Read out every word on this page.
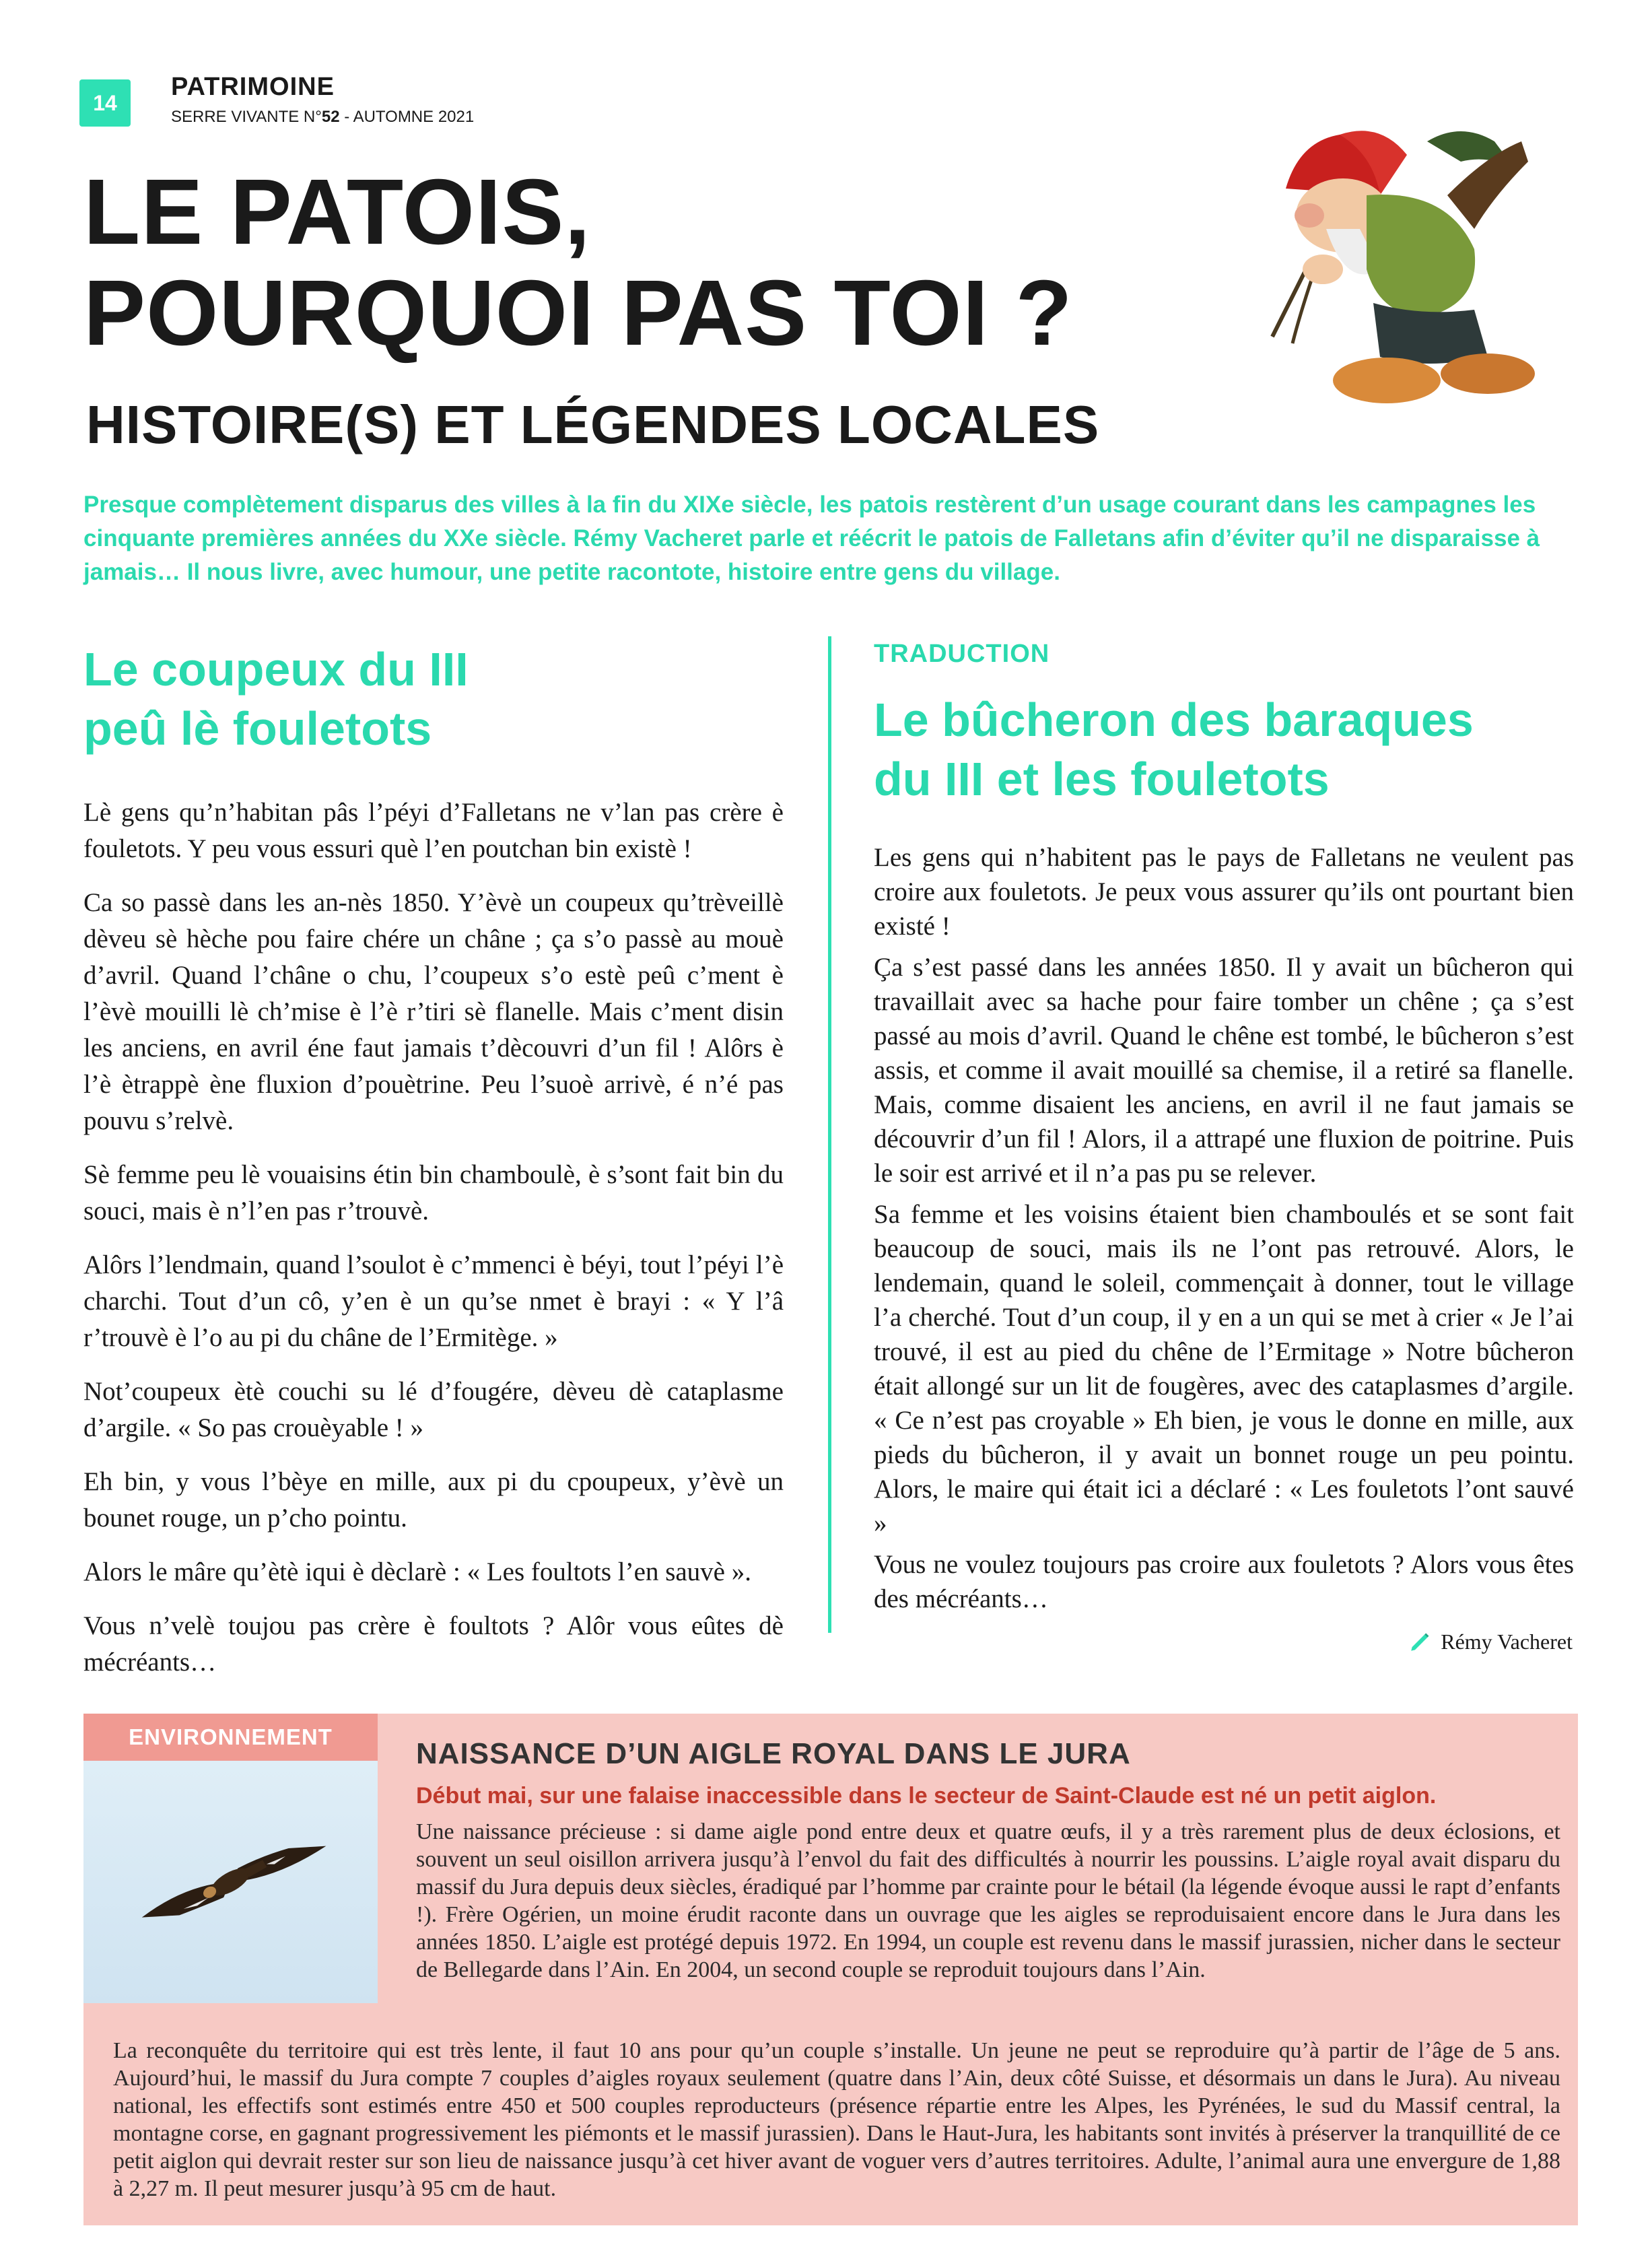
14
PATRIMOINE
SERRE VIVANTE N°52 - AUTOMNE 2021
LE PATOIS,
POURQUOI PAS TOI ?
HISTOIRE(S) ET LÉGENDES LOCALES
Presque complètement disparus des villes à la fin du XIXe siècle, les patois restèrent d’un usage courant dans les campagnes les cinquante premières années du XXe siècle. Rémy Vacheret parle et réécrit le patois de Falletans afin d’éviter qu’il ne disparaisse à jamais… Il nous livre, avec humour, une petite racontote, histoire entre gens du village.
Le coupeux du III
peû lè fouletots

Lè gens qu’n’habitan pâs l’péyi d’Falletans ne v’lan pas crère è fouletots. Y peu vous essuri què l’en poutchan bin existè !

Ca so passè dans les an-nès 1850. Y’èvè un coupeux qu’trèveillè dèveu sè hèche pou faire chére un châne ; ça s’o passè au mouè d’avril. Quand l’châne o chu, l’coupeux s’o estè peû c’ment è l’èvè mouilli lè ch’mise è l’è r’tiri sè flanelle. Mais c’ment disin les anciens, en avril éne faut jamais t’dècouvri d’un fil ! Alôrs è l’è ètrappè ène fluxion d’pouètrine. Peu l’suoè arrivè, é n’é pas pouvu s’relvè.

Sè femme peu lè vouaisins étin bin chamboulè, è s’sont fait bin du souci, mais è n’l’en pas r’trouvè.

Alôrs l’lendmain, quand l’soulot è c’mmenci è béyi, tout l’péyi l’è charchi. Tout d’un cô, y’en è un qu’se nmet è brayi : « Y l’â r’trouvè è l’o au pi du châne de l’Ermitège. »

Not’coupeux ètè couchi su lé d’fougére, dèveu dè cataplasme d’argile. « So pas crouèyable ! »

Eh bin, y vous l’bèye en mille, aux pi du cpoupeux, y’èvè un bounet rouge, un p’cho pointu.

Alors le mâre qu’ètè iqui è dèclarè : « Les foultots l’en sauvè ».

Vous n’velè toujou pas crère è foultots ? Alôr vous eûtes dè mécréants…

TRADUCTION
Le bûcheron des baraques
du III et les fouletots

Les gens qui n’habitent pas le pays de Falletans ne veulent pas croire aux fouletots. Je peux vous assurer qu’ils ont pourtant bien existé !

Ça s’est passé dans les années 1850. Il y avait un bûcheron qui travaillait avec sa hache pour faire tomber un chêne ; ça s’est passé au mois d’avril. Quand le chêne est tombé, le bûcheron s’est assis, et comme il avait mouillé sa chemise, il a retiré sa flanelle. Mais, comme disaient les anciens, en avril il ne faut jamais se découvrir d’un fil ! Alors, il a attrapé une fluxion de poitrine. Puis le soir est arrivé et il n’a pas pu se relever.

Sa femme et les voisins étaient bien chamboulés et se sont fait beaucoup de souci, mais ils ne l’ont pas retrouvé. Alors, le lendemain, quand le soleil, commençait à donner, tout le village l’a cherché. Tout d’un coup, il y en a un qui se met à crier « Je l’ai trouvé, il est au pied du chêne de l’Ermitage » Notre bûcheron était allongé sur un lit de fougères, avec des cataplasmes d’argile. « Ce n’est pas croyable » Eh bien, je vous le donne en mille, aux pieds du bûcheron, il y avait un bonnet rouge un peu pointu. Alors, le maire qui était ici a déclaré : « Les fouletots l’ont sauvé »

Vous ne voulez toujours pas croire aux fouletots ? Alors vous êtes des mécréants…

Rémy Vacheret
ENVIRONNEMENT
NAISSANCE D’UN AIGLE ROYAL DANS LE JURA
Début mai, sur une falaise inaccessible dans le secteur de Saint-Claude est né un petit aiglon.
Une naissance précieuse : si dame aigle pond entre deux et quatre œufs, il y a très rarement plus de deux éclosions, et souvent un seul oisillon arrivera jusqu’à l’envol du fait des difficultés à nourrir les poussins. L’aigle royal avait disparu du massif du Jura depuis deux siècles, éradiqué par l’homme par crainte pour le bétail (la légende évoque aussi le rapt d’enfants !). Frère Ogérien, un moine érudit raconte dans un ouvrage que les aigles se reproduisaient encore dans le Jura dans les années 1850. L’aigle est protégé depuis 1972. En 1994, un couple est revenu dans le massif jurassien, nicher dans le secteur de Bellegarde dans l’Ain. En 2004, un second couple se reproduit toujours dans l’Ain.
La reconquête du territoire qui est très lente, il faut 10 ans pour qu’un couple s’installe. Un jeune ne peut se reproduire qu’à partir de l’âge de 5 ans. Aujourd’hui, le massif du Jura compte 7 couples d’aigles royaux seulement (quatre dans l’Ain, deux côté Suisse, et désormais un dans le Jura). Au niveau national, les effectifs sont estimés entre 450 et 500 couples reproducteurs (présence répartie entre les Alpes, les Pyrénées, le sud du Massif central, la montagne corse, en gagnant progressivement les piémonts et le massif jurassien). Dans le Haut-Jura, les habitants sont invités à préserver la tranquillité de ce petit aiglon qui devrait rester sur son lieu de naissance jusqu’à cet hiver avant de voguer vers d’autres territoires. Adulte, l’animal aura une envergure de 1,88 à 2,27 m. Il peut mesurer jusqu’à 95 cm de haut.
